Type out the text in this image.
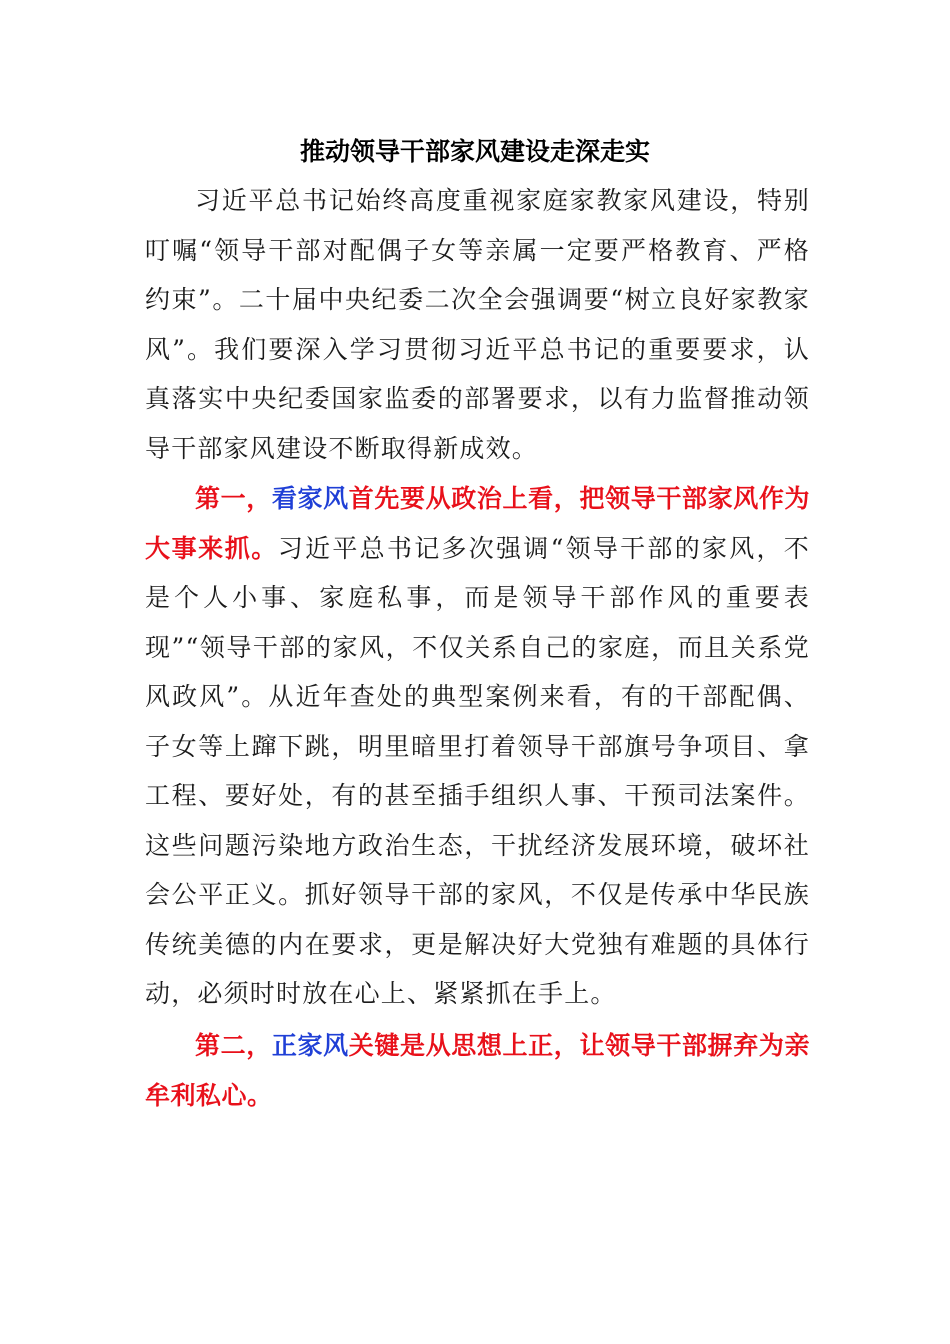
推动领导干部家风建设走深走实

习近平总书记始终高度重视家庭家教家风建设，特别叮嘱“领导干部对配偶子女等亲属一定要严格教育、严格约束”。二十届中央纪委二次全会强调要“树立良好家教家风”。我们要深入学习贯彻习近平总书记的重要要求，认真落实中央纪委国家监委的部署要求，以有力监督推动领导干部家风建设不断取得新成效。

第一，看家风首先要从政治上看，把领导干部家风作为大事来抓。习近平总书记多次强调“领导干部的家风，不是个人小事、家庭私事，而是领导干部作风的重要表现”“领导干部的家风，不仅关系自己的家庭，而且关系党风政风”。从近年查处的典型案例来看，有的干部配偶、子女等上蹿下跳，明里暗里打着领导干部旗号争项目、拿工程、要好处，有的甚至插手组织人事、干预司法案件。这些问题污染地方政治生态，干扰经济发展环境，破坏社会公平正义。抓好领导干部的家风，不仅是传承中华民族传统美德的内在要求，更是解决好大党独有难题的具体行动，必须时时放在心上、紧紧抓在手上。

第二，正家风关键是从思想上正，让领导干部摒弃为亲牟利私心。
